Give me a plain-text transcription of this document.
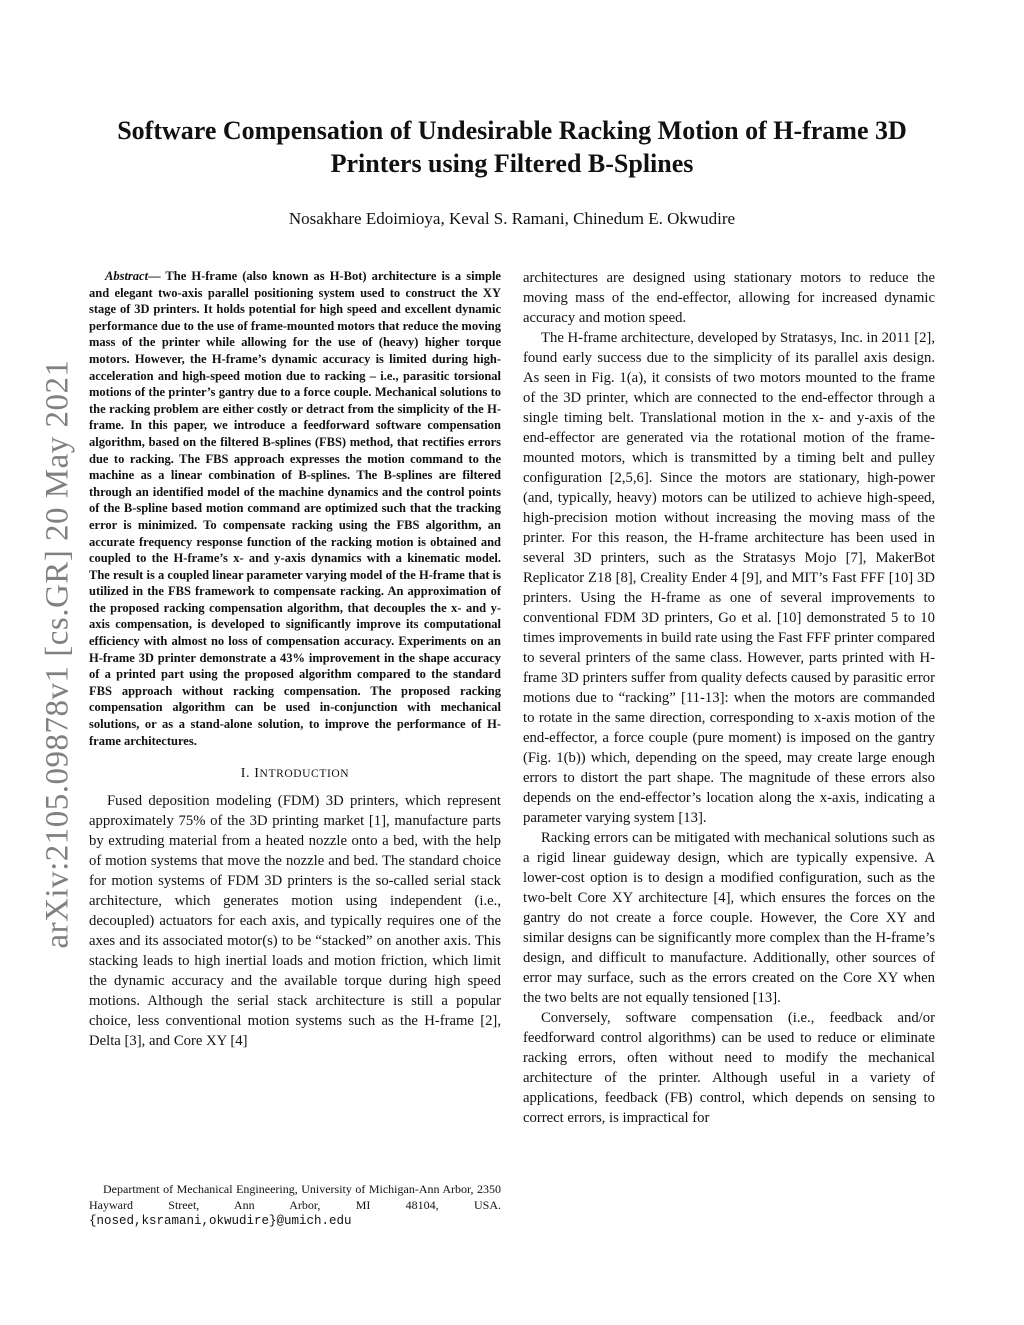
Software Compensation of Undesirable Racking Motion of H-frame 3D
Printers using Filtered B-Splines
Nosakhare Edoimioya, Keval S. Ramani, Chinedum E. Okwudire
arXiv:2105.09878v1 [cs.GR] 20 May 2021

Abstract— The H-frame (also known as H-Bot) architecture is a simple and elegant two-axis parallel positioning system used to construct the XY stage of 3D printers. It holds potential for high speed and excellent dynamic performance due to the use of frame-mounted motors that reduce the moving mass of the printer while allowing for the use of (heavy) higher torque motors. However, the H-frame’s dynamic accuracy is limited during high-acceleration and high-speed motion due to racking – i.e., parasitic torsional motions of the printer’s gantry due to a force couple. Mechanical solutions to the racking problem are either costly or detract from the simplicity of the H-frame. In this paper, we introduce a feedforward software compensation algorithm, based on the filtered B-splines (FBS) method, that rectifies errors due to racking. The FBS approach expresses the motion command to the machine as a linear combination of B-splines. The B-splines are filtered through an identified model of the machine dynamics and the control points of the B-spline based motion command are optimized such that the tracking error is minimized. To compensate racking using the FBS algorithm, an accurate frequency response function of the racking motion is obtained and coupled to the H-frame’s x- and y-axis dynamics with a kinematic model. The result is a coupled linear parameter varying model of the H-frame that is utilized in the FBS framework to compensate racking. An approximation of the proposed racking compensation algorithm, that decouples the x- and y-axis compensation, is developed to significantly improve its computational efficiency with almost no loss of compensation accuracy. Experiments on an H-frame 3D printer demonstrate a 43% improvement in the shape accuracy of a printed part using the proposed algorithm compared to the standard FBS approach without racking compensation. The proposed racking compensation algorithm can be used in-conjunction with mechanical solutions, or as a stand-alone solution, to improve the performance of H-frame architectures.

I. INTRODUCTION

Fused deposition modeling (FDM) 3D printers, which represent approximately 75% of the 3D printing market [1], manufacture parts by extruding material from a heated nozzle onto a bed, with the help of motion systems that move the nozzle and bed. The standard choice for motion systems of FDM 3D printers is the so-called serial stack architecture, which generates motion using independent (i.e., decoupled) actuators for each axis, and typically requires one of the axes and its associated motor(s) to be “stacked” on another axis. This stacking leads to high inertial loads and motion friction, which limit the dynamic accuracy and the available torque during high speed motions. Although the serial stack architecture is still a popular choice, less conventional motion systems such as the H-frame [2], Delta [3], and Core XY [4]

Department of Mechanical Engineering, University of Michigan-Ann Arbor, 2350 Hayward Street, Ann Arbor, MI 48104, USA. {nosed,ksramani,okwudire}@umich.edu

architectures are designed using stationary motors to reduce the moving mass of the end-effector, allowing for increased dynamic accuracy and motion speed.

The H-frame architecture, developed by Stratasys, Inc. in 2011 [2], found early success due to the simplicity of its parallel axis design. As seen in Fig. 1(a), it consists of two motors mounted to the frame of the 3D printer, which are connected to the end-effector through a single timing belt. Translational motion in the x- and y-axis of the end-effector are generated via the rotational motion of the frame-mounted motors, which is transmitted by a timing belt and pulley configuration [2,5,6]. Since the motors are stationary, high-power (and, typically, heavy) motors can be utilized to achieve high-speed, high-precision motion without increasing the moving mass of the printer. For this reason, the H-frame architecture has been used in several 3D printers, such as the Stratasys Mojo [7], MakerBot Replicator Z18 [8], Creality Ender 4 [9], and MIT’s Fast FFF [10] 3D printers. Using the H-frame as one of several improvements to conventional FDM 3D printers, Go et al. [10] demonstrated 5 to 10 times improvements in build rate using the Fast FFF printer compared to several printers of the same class. However, parts printed with H-frame 3D printers suffer from quality defects caused by parasitic error motions due to “racking” [11-13]: when the motors are commanded to rotate in the same direction, corresponding to x-axis motion of the end-effector, a force couple (pure moment) is imposed on the gantry (Fig. 1(b)) which, depending on the speed, may create large enough errors to distort the part shape. The magnitude of these errors also depends on the end-effector’s location along the x-axis, indicating a parameter varying system [13].

Racking errors can be mitigated with mechanical solutions such as a rigid linear guideway design, which are typically expensive. A lower-cost option is to design a modified configuration, such as the two-belt Core XY architecture [4], which ensures the forces on the gantry do not create a force couple. However, the Core XY and similar designs can be significantly more complex than the H-frame’s design, and difficult to manufacture. Additionally, other sources of error may surface, such as the errors created on the Core XY when the two belts are not equally tensioned [13].

Conversely, software compensation (i.e., feedback and/or feedforward control algorithms) can be used to reduce or eliminate racking errors, often without need to modify the mechanical architecture of the printer. Although useful in a variety of applications, feedback (FB) control, which depends on sensing to correct errors, is impractical for
